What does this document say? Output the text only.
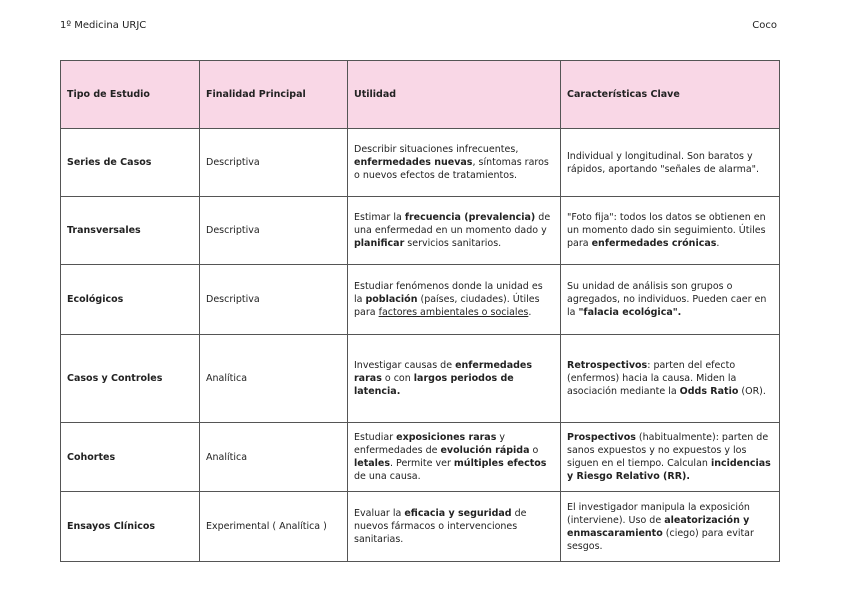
1º Medicina URJC	Coco
Tipo de Estudio	Finalidad Principal	Utilidad	Características Clave
Series de Casos	Descriptiva	Describir situaciones infrecuentes, enfermedades nuevas, síntomas raros o nuevos efectos de tratamientos.	Individual y longitudinal. Son baratos y rápidos, aportando "señales de alarma".
Transversales	Descriptiva	Estimar la frecuencia (prevalencia) de una enfermedad en un momento dado y planificar servicios sanitarios.	"Foto fija": todos los datos se obtienen en un momento dado sin seguimiento. Útiles para enfermedades crónicas.
Ecológicos	Descriptiva	Estudiar fenómenos donde la unidad es la población (países, ciudades). Útiles para factores ambientales o sociales.	Su unidad de análisis son grupos o agregados, no individuos. Pueden caer en la "falacia ecológica".
Casos y Controles	Analítica	Investigar causas de enfermedades raras o con largos periodos de latencia.	Retrospectivos: parten del efecto (enfermos) hacia la causa. Miden la asociación mediante la Odds Ratio (OR).
Cohortes	Analítica	Estudiar exposiciones raras y enfermedades de evolución rápida o letales. Permite ver múltiples efectos de una causa.	Prospectivos (habitualmente): parten de sanos expuestos y no expuestos y los siguen en el tiempo. Calculan incidencias y Riesgo Relativo (RR).
Ensayos Clínicos	Experimental ( Analítica )	Evaluar la eficacia y seguridad de nuevos fármacos o intervenciones sanitarias.	El investigador manipula la exposición (interviene). Uso de aleatorización y enmascaramiento (ciego) para evitar sesgos.
